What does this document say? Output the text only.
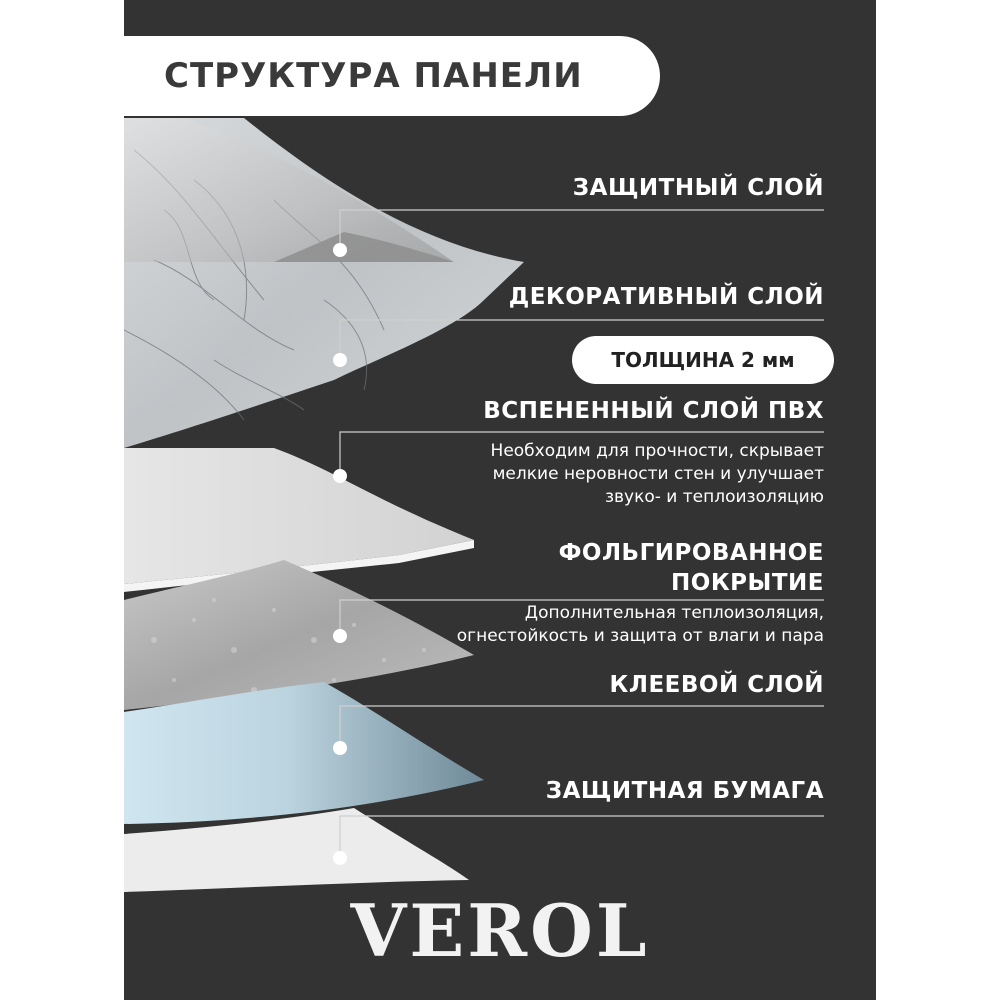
ЗАЩИТНЫЙ СЛОЙ
ДЕКОРАТИВНЫЙ СЛОЙ
ВСПЕНЕННЫЙ СЛОЙ ПВХ
Необходим для прочности, скрывает
мелкие неровности стен и улучшает
звуко- и теплоизоляцию
ФОЛЬГИРОВАННОЕ
ПОКРЫТИЕ
Дополнительная теплоизоляция,
огнестойкость и защита от влаги и пара
КЛЕЕВОЙ СЛОЙ
ЗАЩИТНАЯ БУМАГА
ТОЛЩИНА 2 мм
VEROL
СТРУКТУРА ПАНЕЛИ
